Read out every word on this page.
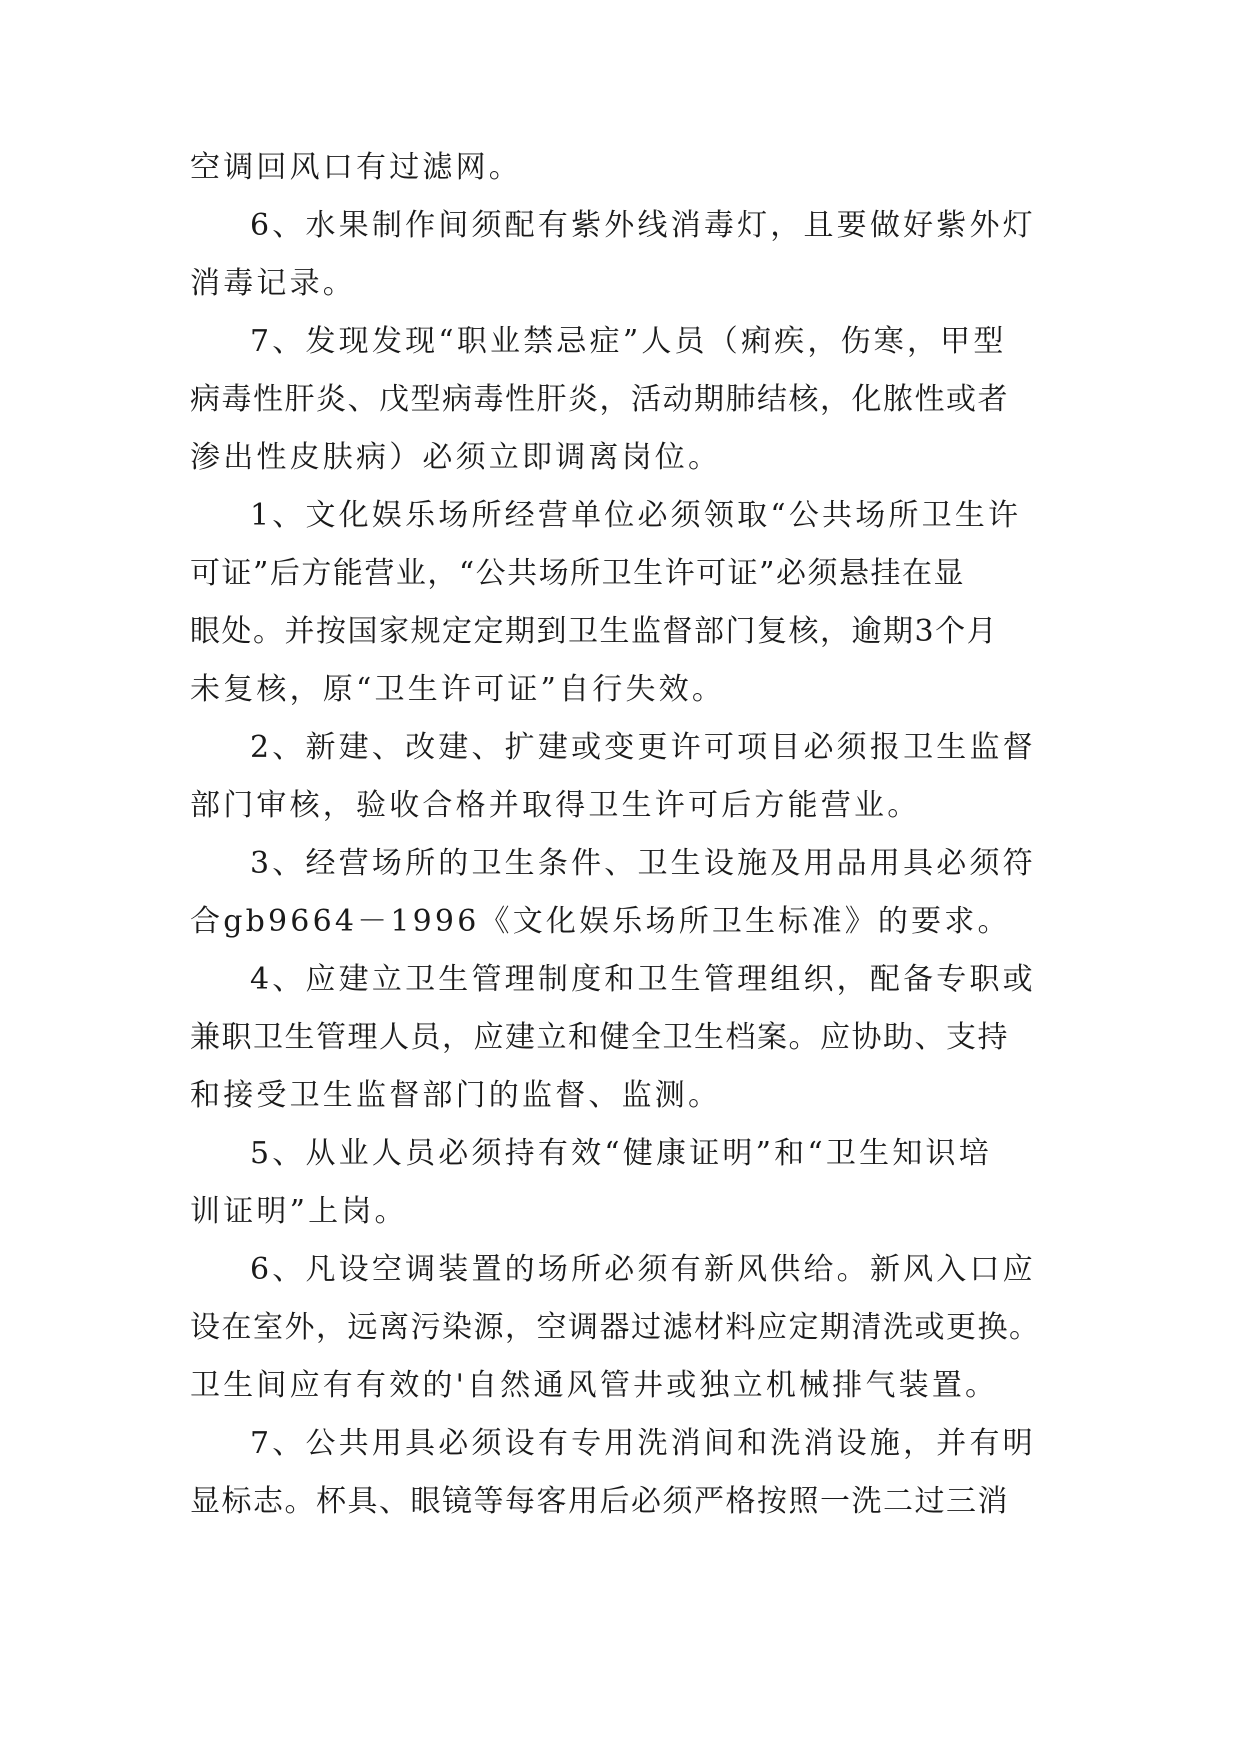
空调回风口有过滤网。
6、水果制作间须配有紫外线消毒灯，且要做好紫外灯
消毒记录。
7、发现发现“职业禁忌症”人员（痢疾，伤寒，甲型
病毒性肝炎、戊型病毒性肝炎，活动期肺结核，化脓性或者
渗出性皮肤病）必须立即调离岗位。
1、文化娱乐场所经营单位必须领取“公共场所卫生许
可证”后方能营业，“公共场所卫生许可证”必须悬挂在显
眼处。并按国家规定定期到卫生监督部门复核，逾期3个月
未复核，原“卫生许可证”自行失效。
2、新建、改建、扩建或变更许可项目必须报卫生监督
部门审核，验收合格并取得卫生许可后方能营业。
3、经营场所的卫生条件、卫生设施及用品用具必须符
合gb9664－1996《文化娱乐场所卫生标准》的要求。
4、应建立卫生管理制度和卫生管理组织，配备专职或
兼职卫生管理人员，应建立和健全卫生档案。应协助、支持
和接受卫生监督部门的监督、监测。
5、从业人员必须持有效“健康证明”和“卫生知识培
训证明”上岗。
6、凡设空调装置的场所必须有新风供给。新风入口应
设在室外，远离污染源，空调器过滤材料应定期清洗或更换。
卫生间应有有效的'自然通风管井或独立机械排气装置。
7、公共用具必须设有专用洗消间和洗消设施，并有明
显标志。杯具、眼镜等每客用后必须严格按照一洗二过三消
